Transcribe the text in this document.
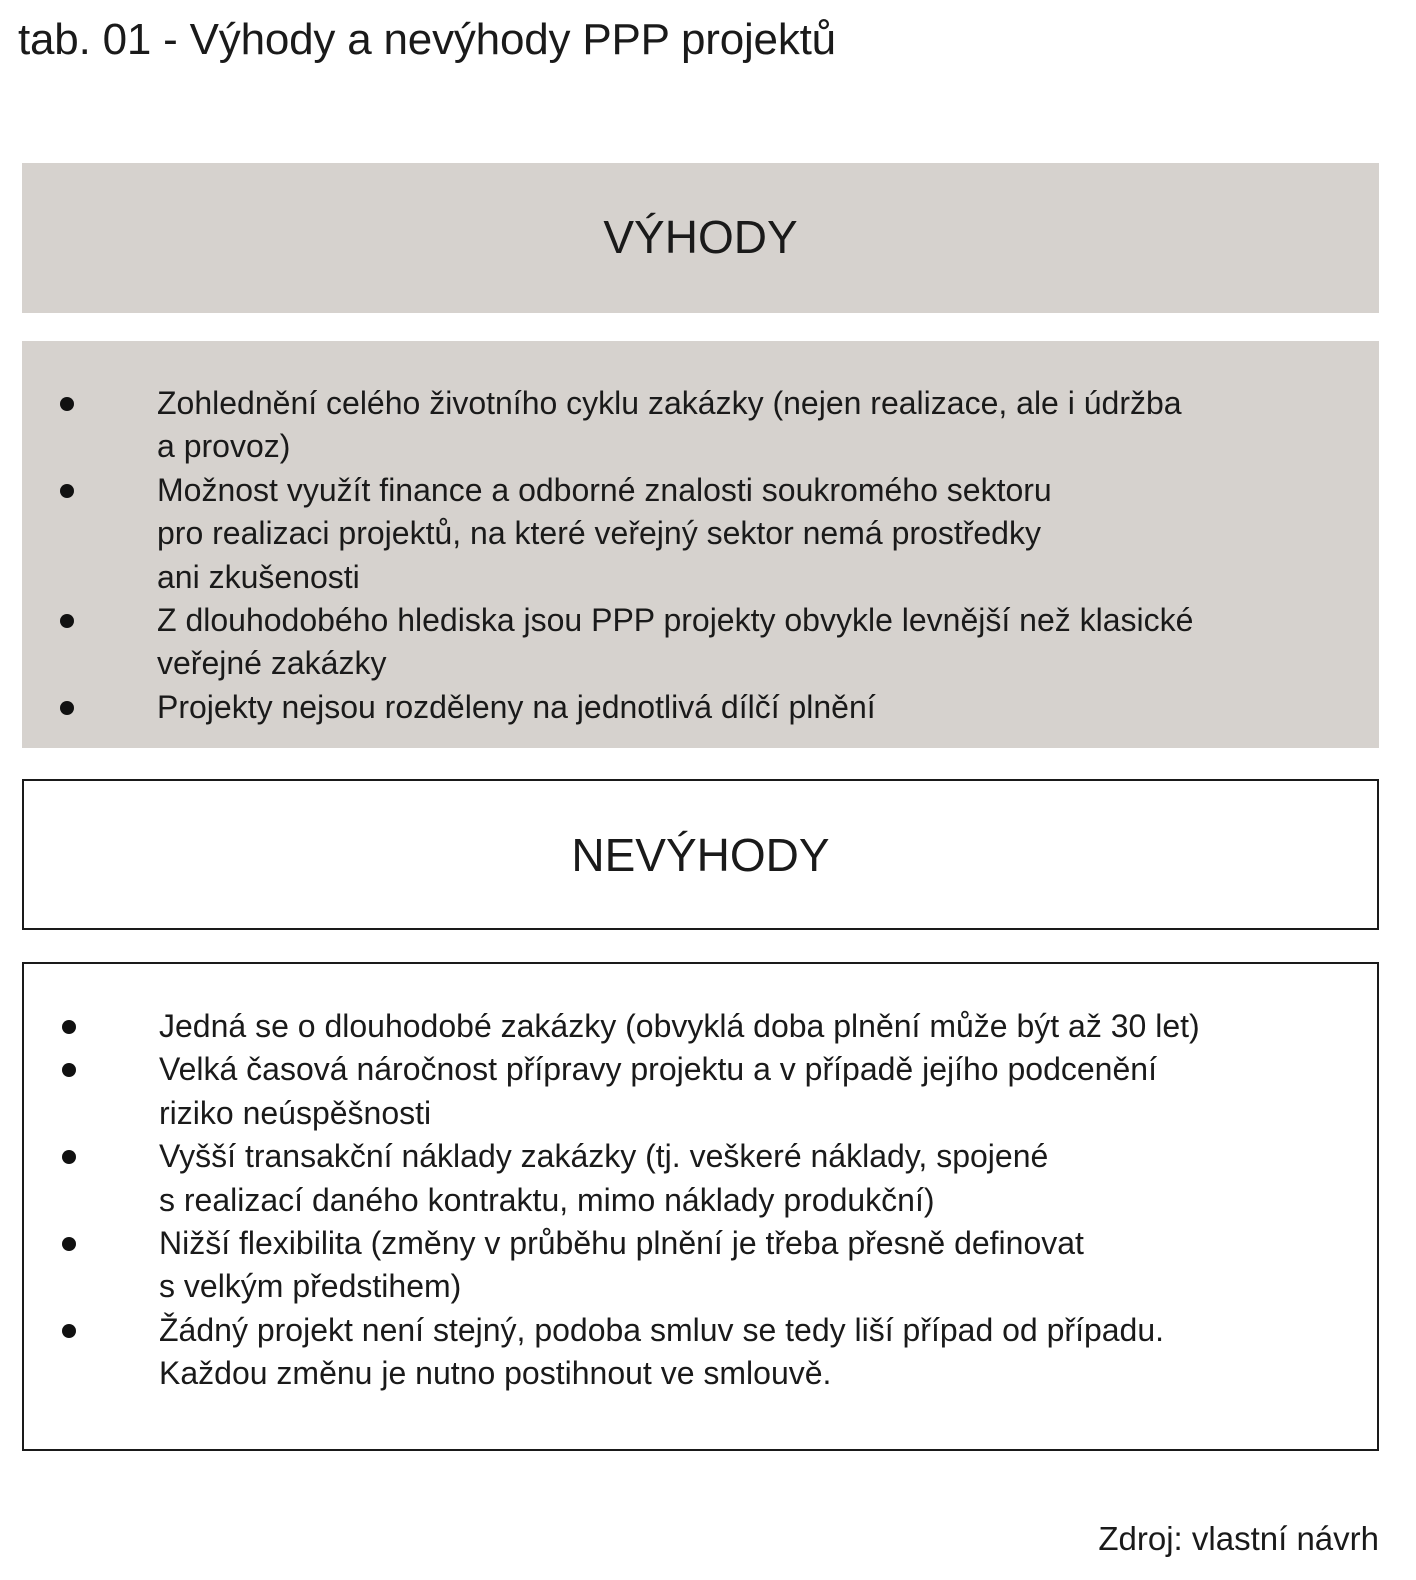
tab. 01 - Výhody a nevýhody PPP projektů
VÝHODY
Zohlednění celého životního cyklu zakázky (nejen realizace, ale i údržba
a provoz)
Možnost využít finance a odborné znalosti soukromého sektoru
pro realizaci projektů, na které veřejný sektor nemá prostředky
ani zkušenosti
Z dlouhodobého hlediska jsou PPP projekty obvykle levnější než klasické
veřejné zakázky
Projekty nejsou rozděleny na jednotlivá dílčí plnění
NEVÝHODY
Jedná se o dlouhodobé zakázky (obvyklá doba plnění může být až 30 let)
Velká časová náročnost přípravy projektu a v případě jejího podcenění
riziko neúspěšnosti
Vyšší transakční náklady zakázky (tj. veškeré náklady, spojené
s realizací daného kontraktu, mimo náklady produkční)
Nižší flexibilita (změny v průběhu plnění je třeba přesně definovat
s velkým předstihem)
Žádný projekt není stejný, podoba smluv se tedy liší případ od případu.
Každou změnu je nutno postihnout ve smlouvě.
Zdroj: vlastní návrh
